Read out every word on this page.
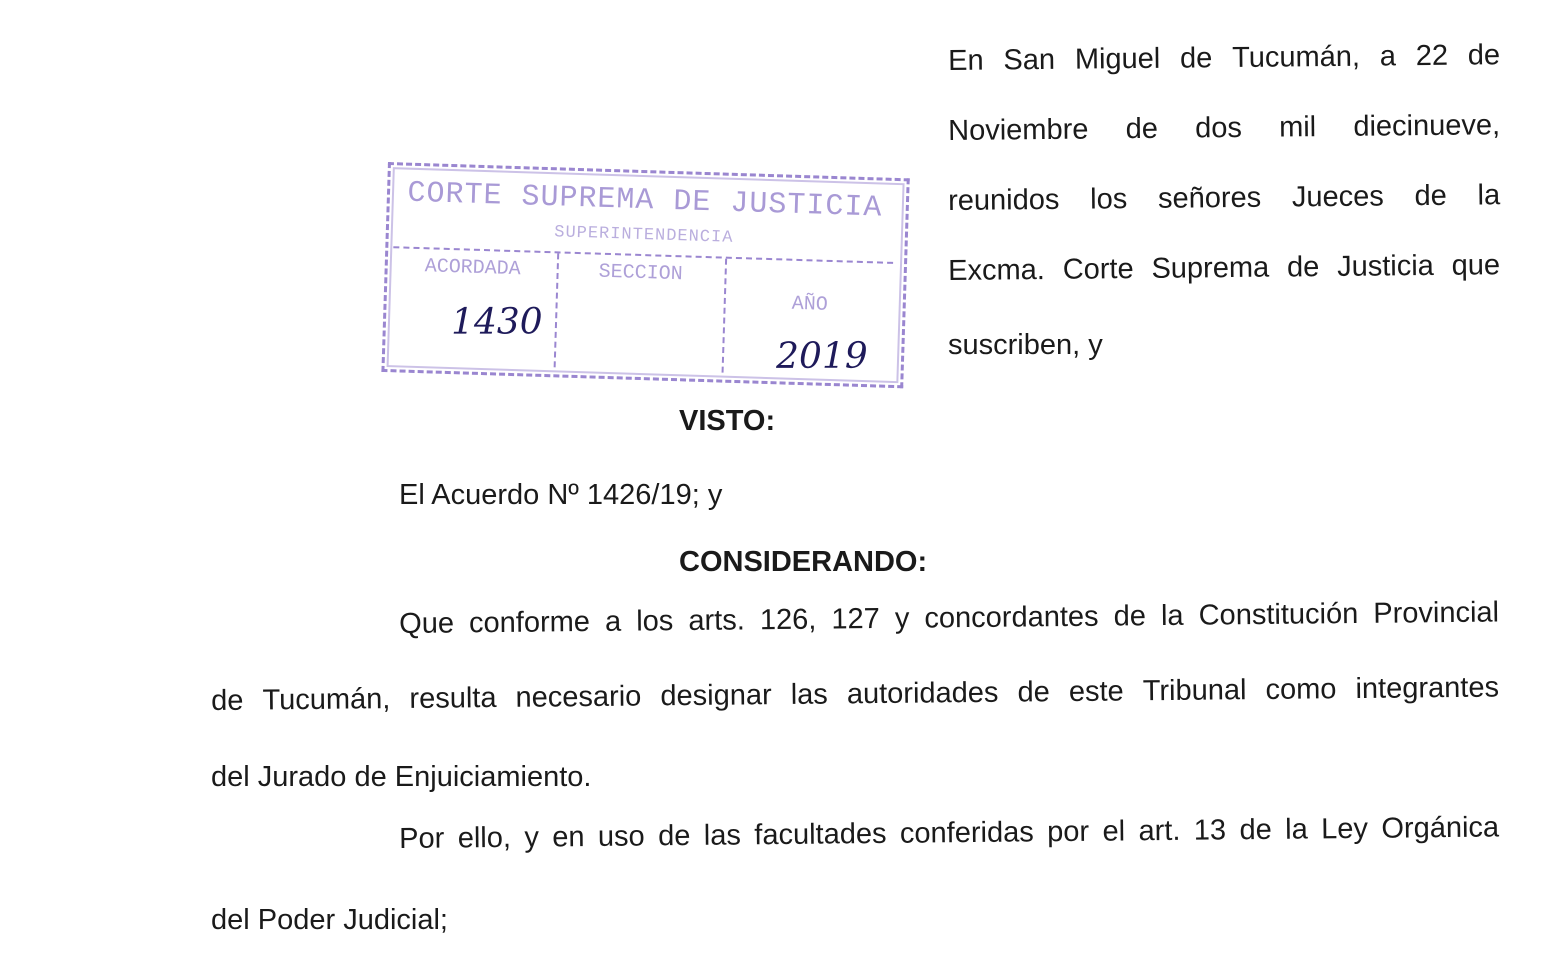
En San Miguel de Tucumán, a 22 de
Noviembre de dos mil diecinueve,
reunidos los señores Jueces de la
Excma. Corte Suprema de Justicia que
suscriben, y
CORTE SUPREMA DE JUSTICIA
SUPERINTENDENCIA
ACORDADA	SECCION
AÑO
1430
2019
VISTO:
El Acuerdo Nº 1426/19; y
CONSIDERANDO:
Que conforme a los arts. 126, 127 y concordantes de la Constitución Provincial
de Tucumán, resulta necesario designar las autoridades de este Tribunal como integrantes
del Jurado de Enjuiciamiento.
Por ello, y en uso de las facultades conferidas por el art. 13 de la Ley Orgánica
del Poder Judicial;
